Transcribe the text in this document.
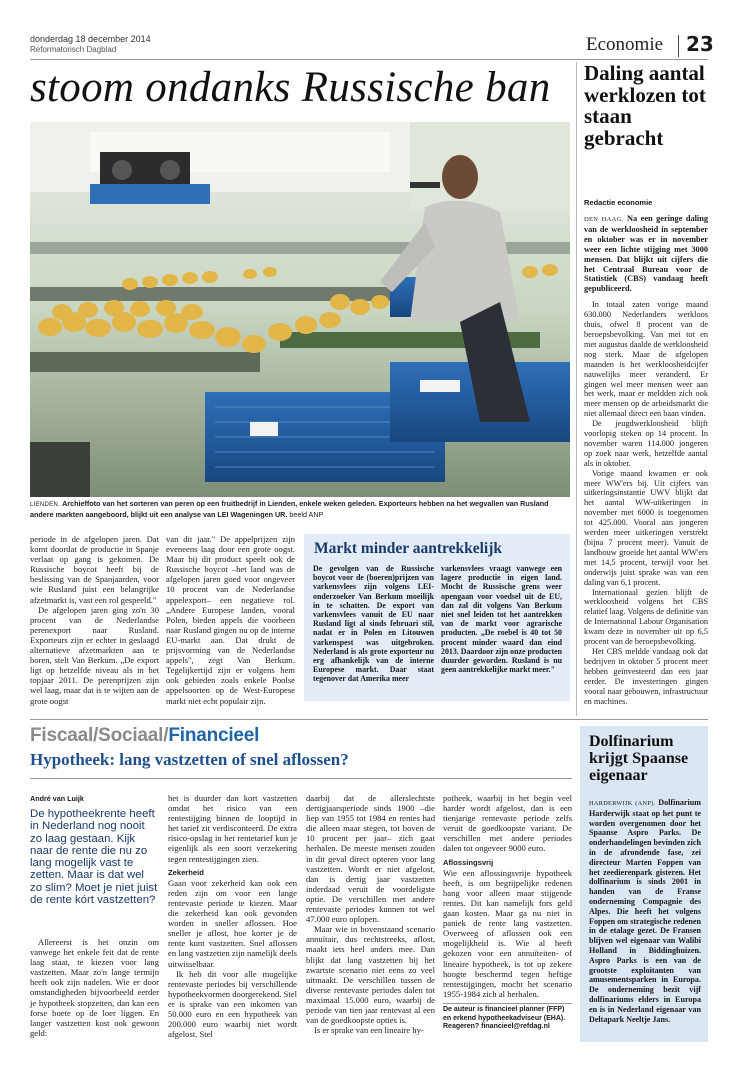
donderdag 18 december 2014
Reformatorisch Dagblad	Economie 23
stoom ondanks Russische ban
LIENDEN. Archieffoto van het sorteren van peren op een fruitbedrijf in Lienden, enkele weken geleden. Exporteurs hebben na het wegvallen van Rusland andere markten aangeboord, blijkt uit een analyse van LEI Wageningen UR. beeld ANP

periode in de afgelopen jaren. Dat komt doordat de productie in Spanje verlaat op gang is gekomen. De Russische boycot heeft bij de beslissing van de Spanjaarden, voor wie Rusland juist een belangrijke afzetmarkt is, vast een rol gespeeld."

De afgelopen jaren ging zo'n 30 procent van de Nederlandse perenexport naar Rusland. Exporteurs zijn er echter in geslaagd alternatieve afzetmarkten aan te boren, stelt Van Berkum. „De export ligt op hetzelfde niveau als in het topjaar 2011. De perenprijzen zijn wel laag, maar dat is te wijten aan de grote oogst

van dit jaar." De appelprijzen zijn eveneens laag door een grote oogst. Maar bij dit product speelt ook de Russische boycot –het land was de afgelopen jaren goed voor ongeveer 10 procent van de Nederlandse appelexport– een negatieve rol. „Andere Europese landen, vooral Polen, bieden appels die voorheen naar Rusland gingen nu op de interne EU-markt aan. Dat drukt de prijsvorming van de Nederlandse appels", zegt Van Berkum. Tegelijkertijd zijn er volgens hem ook gebieden zoals enkele Poolse appelsoorten op de West-Europese markt niet echt populair zijn.

Markt minder aantrekkelijk
De gevolgen van de Russische boycot voor de (boeren)prijzen van varkensvlees zijn volgens LEI-onderzoeker Van Berkum moeilijk in te schatten. De export van varkensvlees vanuit de EU naar Rusland ligt al sinds februari stil, nadat er in Polen en Litouwen varkenspest was uitgebroken. Nederland is als grote exporteur nu erg afhankelijk van de interne Europese markt. Daar staat tegenover dat Amerika meer
varkensvlees vraagt vanwege een lagere productie in eigen land. Mocht de Russische grens weer opengaan voor voedsel uit de EU, dan zal dit volgens Van Berkum niet snel leiden tot het aantrekken van de markt voor agrarische producten. „De roebel is 40 tot 50 procent minder waard dan eind 2013. Daardoor zijn onze producten duurder geworden. Rusland is nu geen aantrekkelijke markt meer."
Daling aantal werklozen tot staan gebracht
Redactie economie

DEN HAAG. Na een geringe daling van de werkloosheid in september en oktober was er in november weer een lichte stijging met 3000 mensen. Dat blijkt uit cijfers die het Centraal Bureau voor de Statistiek (CBS) vandaag heeft gepubliceerd.

In totaal zaten vorige maand 630.000 Nederlanders werkloos thuis, ofwel 8 procent van de beroepsbevolking. Van mei tot en met augustus daalde de werkloosheid nog sterk. Maar de afgelopen maanden is het werkloosheidcijfer nauwelijks meer veranderd. Er gingen wel meer mensen weer aan het werk, maar er meldden zich ook meer mensen op de arbeidsmarkt die niet allemaal direct een baan vinden.

De jeugdwerkloosheid blijft voorlopig steken op 14 procent. In november waren 114.000 jongeren op zoek naar werk, hetzelfde aantal als in oktober.

Vorige maand kwamen er ook meer WW'ers bij. Uit cijfers van uitkeringsinstantie UWV blijkt dat het aantal WW-uitkeringen in november met 6000 is toegenomen tot 425.000. Vooral aan jongeren werden meer uitkeringen verstrekt (bijna 7 procent meer). Vanuit de landbouw groeide het aantal WW'ers met 14,5 procent, terwijl voor het onderwijs juist sprake was van een daling van 6,1 procent.

Internationaal gezien blijft de werkloosheid volgens het CBS relatief laag. Volgens de definitie van de International Labour Organisation kwam deze in november uit op 6,5 procent van de beroepsbevolking.

Het CBS meldde vandaag ook dat bedrijven in oktober 5 procent meer hebben geïnvesteerd dan een jaar eerder. De investeringen gingen vooral naar gebouwen, infrastructuur en machines.

Fiscaal/Sociaal/Financieel
Hypotheek: lang vastzetten of snel aflossen?
André van Luijk
De hypotheekrente heeft in Nederland nog nooit zo laag gestaan. Kijk naar de rente die nu zo lang mogelijk vast te zetten. Maar is dat wel zo slim? Moet je niet juist de rente kórt vastzetten?

Allereerst is het onzin om vanwege het enkele feit dat de rente laag staat, te kiezen voor lang vastzetten. Maar zo'n lange termijn heeft ook zijn nadelen. Wie er door omstandigheden bijvoorbeeld eerder je hypotheek stopzetten, dan kan een forse boete op de loer liggen. En langer vastzetten kost ook gewoon geld:

het is duurder dan kort vastzetten omdat het risico van een rentestijging binnen de looptijd in het tarief zit verdisconteerd. De extra risico-opslag in het rentetarief kun je eigenlijk als een soort verzekering tegen rentestijgingen zien.

Zekerheid

Gaan voor zekerheid kan ook een reden zijn om voor een lange rentevaste periode te kiezen. Maar die zekerheid kan ook gevonden worden in sneller aflossen. Hoe sneller je aflost, hoe korter je de rente kunt vastzetten. Snel aflossen en lang vastzetten zijn namelijk deels uitwisselbaar.

Ik heb dit voor alle mogelijke rentevaste periodes bij verschillende hypotheekvormen doorgerekend. Stel er is sprake van een inkomen van 50.000 euro en een hypotheek van 200.000 euro waarbij niet wordt afgelost. Stel

daarbij dat de allerslechtste dertigjaarsperiode sinds 1900 –die liep van 1955 tot 1984 en rentes had die alleen maar stegen, tot boven de 10 procent per jaar– zich gaat herhalen. De meeste mensen zouden in dit geval direct opteren voor lang vastzetten. Wordt er niet afgelost, dan is dertig jaar vastzetten inderdaad veruit de voordeligste optie. De verschillen met andere rentevaste periodes kunnen tot wel 47.000 euro oplopen.

Maar wie in bovenstaand scenario annuïtair, dus rechtstreeks, aflost, maakt iets heel anders mee. Dan blijkt dat lang vastzetten bij het zwartste scenario niet eens zo veel uitmaakt. De verschillen tussen de diverse rentevaste periodes dalen tot maximaal 15.000 euro, waarbij de periode van tien jaar rentevast al een van de goedkoopste opties is.

Is er sprake van een lineaire hy-

potheek, waarbij in het begin veel harder wordt afgelost, dan is een tienjarige rentevaste periode zelfs veruit de goedkoopste variant. De verschillen met andere periodes dalen tot ongeveer 9000 euro.

Aflossingsvrij

Wie een aflossingsvrije hypotheek heeft, is om begrijpelijke redenen bang voor alleen maar stijgende rentes. Dit kan namelijk fors geld gaan kosten. Maar ga nu niet in paniek de rente lang vastzetten. Overweeg of aflossen ook een mogelijkheid is. Wie al heeft gekozen voor een annuïteiten- of lineaire hypotheek, is tot op zekere hoogte beschermd tegen heftige rentestijgingen, mocht het scenario 1955-1984 zich al herhalen.

De auteur is financieel planner (FFP) en erkend hypotheekadviseur (EHA). Reageren? financieel@refdag.nl
Dolfinarium krijgt Spaanse eigenaar
HARDERWIJK (ANP). Dolfinarium Harderwijk staat op het punt te worden overgenomen door het Spaanse Aspro Parks. De onderhandelingen bevinden zich in de afrondende fase, zei directeur Marten Foppen van het zeedierenpark gisteren. Het dolfinarium is sinds 2001 in handen van de Franse onderneming Compagnie des Alpes. Die heeft het volgens Foppen om strategische redenen in de etalage gezet. De Fransen blijven wel eigenaar van Walibi Holland in Biddinghuizen. Aspro Parks is een van de grootste exploitanten van amusementsparken in Europa. De onderneming bezit vijf dolfinariums elders in Europa en is in Nederland eigenaar van Deltapark Neeltje Jans.
